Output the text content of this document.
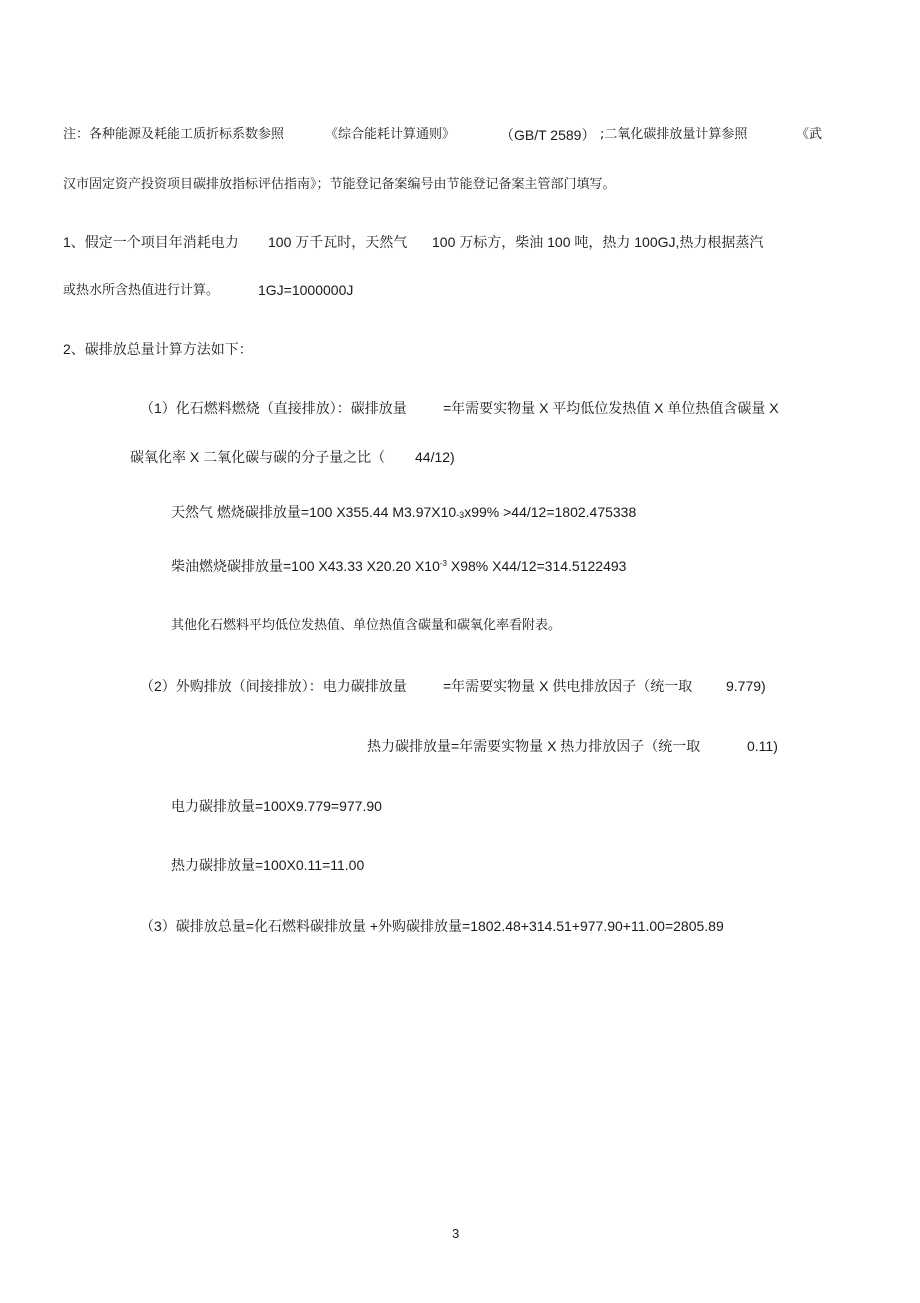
注：各种能源及耗能工质折标系数参照	《综合能耗计算通则》	（GB/T 2589） ;二氧化碳排放量计算参照	《武
汉市固定资产投资项目碳排放指标评估指南》；节能登记备案编号由节能登记备案主管部门填写。
1、假定一个项目年消耗电力 100 万千瓦时，天然气 100 万标方，柴油 100 吨，热力 100GJ,热力根据蒸汽
或热水所含热值进行计算。	1GJ=1000000J
2、碳排放总量计算方法如下：
（1）化石燃料燃烧（直接排放）：碳排放量	=年需要实物量 X 平均低位发热值 X 单位热值含碳量 X
碳氧化率 X 二氧化碳与碳的分子量之比（ 44/12)
天然气 燃烧碳排放量=100 X355.44 M3.97X10-3x99% >44/12=1802.475338
柴油燃烧碳排放量=100 X43.33 X20.20 $X10^{-3}$ X98% X44/12=314.5122493
其他化石燃料平均低位发热值、单位热值含碳量和碳氧化率看附表。
（2）外购排放（间接排放）：电力碳排放量	=年需要实物量 X 供电排放因子（统一取 9.779)
热力碳排放量=年需要实物量 X 热力排放因子（统一取	0.11)
电力碳排放量=100X9.779=977.90
热力碳排放量=100X0.11=11.00
（3）碳排放总量=化石燃料碳排放量 +外购碳排放量=1802.48+314.51+977.90+11.00=2805.89
3
